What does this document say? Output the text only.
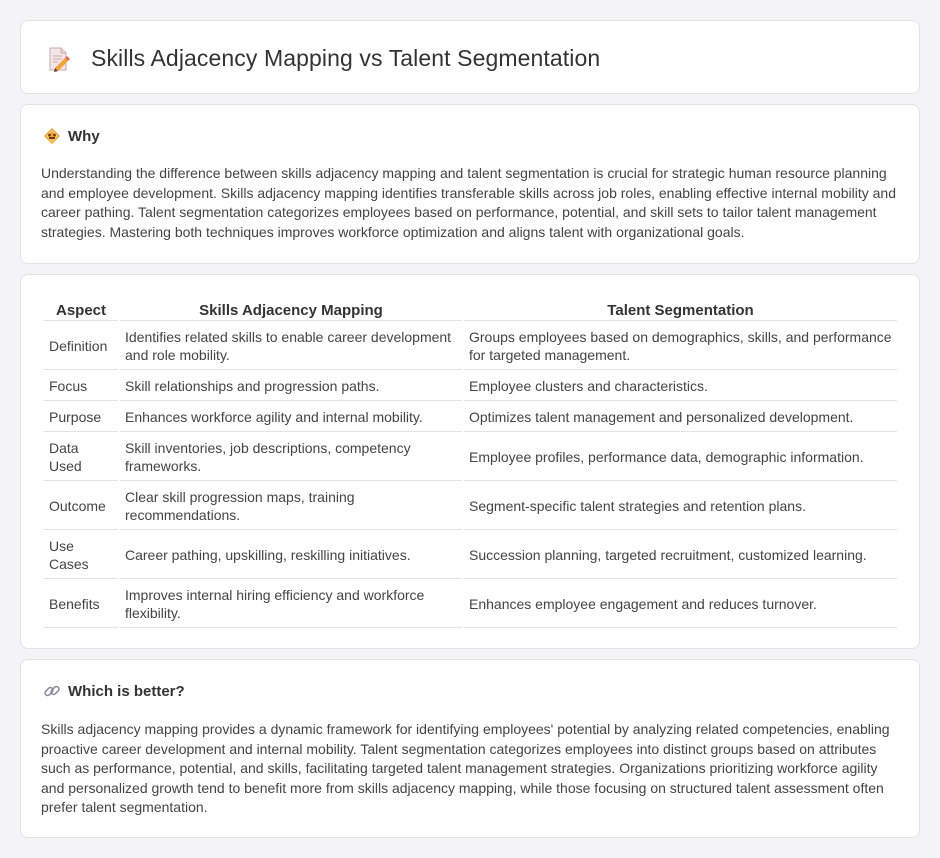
Skills Adjacency Mapping vs Talent Segmentation
Why

Understanding the difference between skills adjacency mapping and talent segmentation is crucial for strategic human resource planning and employee development. Skills adjacency mapping identifies transferable skills across job roles, enabling effective internal mobility and career pathing. Talent segmentation categorizes employees based on performance, potential, and skill sets to tailor talent management strategies. Mastering both techniques improves workforce optimization and aligns talent with organizational goals.

Aspect	Skills Adjacency Mapping	Talent Segmentation
Definition	Identifies related skills to enable career development and role mobility.	Groups employees based on demographics, skills, and performance for targeted management.
Focus	Skill relationships and progression paths.	Employee clusters and characteristics.
Purpose	Enhances workforce agility and internal mobility.	Optimizes talent management and personalized development.
Data Used	Skill inventories, job descriptions, competency frameworks.	Employee profiles, performance data, demographic information.
Outcome	Clear skill progression maps, training recommendations.	Segment-specific talent strategies and retention plans.
Use Cases	Career pathing, upskilling, reskilling initiatives.	Succession planning, targeted recruitment, customized learning.
Benefits	Improves internal hiring efficiency and workforce flexibility.	Enhances employee engagement and reduces turnover.
Which is better?

Skills adjacency mapping provides a dynamic framework for identifying employees' potential by analyzing related competencies, enabling proactive career development and internal mobility. Talent segmentation categorizes employees into distinct groups based on attributes such as performance, potential, and skills, facilitating targeted talent management strategies. Organizations prioritizing workforce agility and personalized growth tend to benefit more from skills adjacency mapping, while those focusing on structured talent assessment often prefer talent segmentation.
